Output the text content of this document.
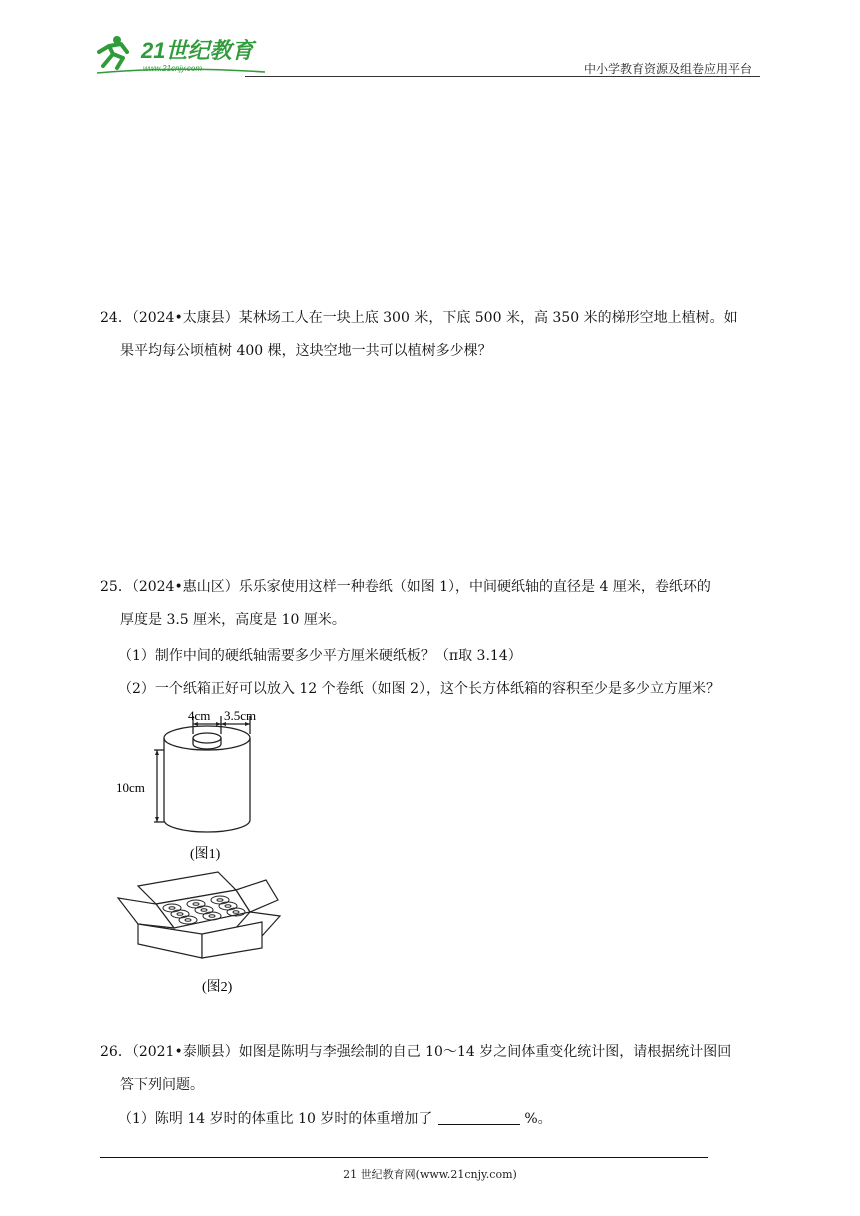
21世纪教育
www.21cnjy.com	中小学教育资源及组卷应用平台
24．（2024•太康县）某林场工人在一块上底 300 米，下底 500 米，高 350 米的梯形空地上植树。如
果平均每公顷植树 400 棵，这块空地一共可以植树多少棵？
25．（2024•惠山区）乐乐家使用这样一种卷纸（如图 1），中间硬纸轴的直径是 4 厘米，卷纸环的
厚度是 3.5 厘米，高度是 10 厘米。
（1）制作中间的硬纸轴需要多少平方厘米硬纸板？（π取 3.14）
（2）一个纸箱正好可以放入 12 个卷纸（如图 2），这个长方体纸箱的容积至少是多少立方厘米？
4cm 3.5cm
10cm
(图1)
(图2)
26．（2021•泰顺县）如图是陈明与李强绘制的自己 10～14 岁之间体重变化统计图，请根据统计图回
答下列问题。
（1）陈明 14 岁时的体重比 10 岁时的体重增加了	%。
21 世纪教育网(www.21cnjy.com)
